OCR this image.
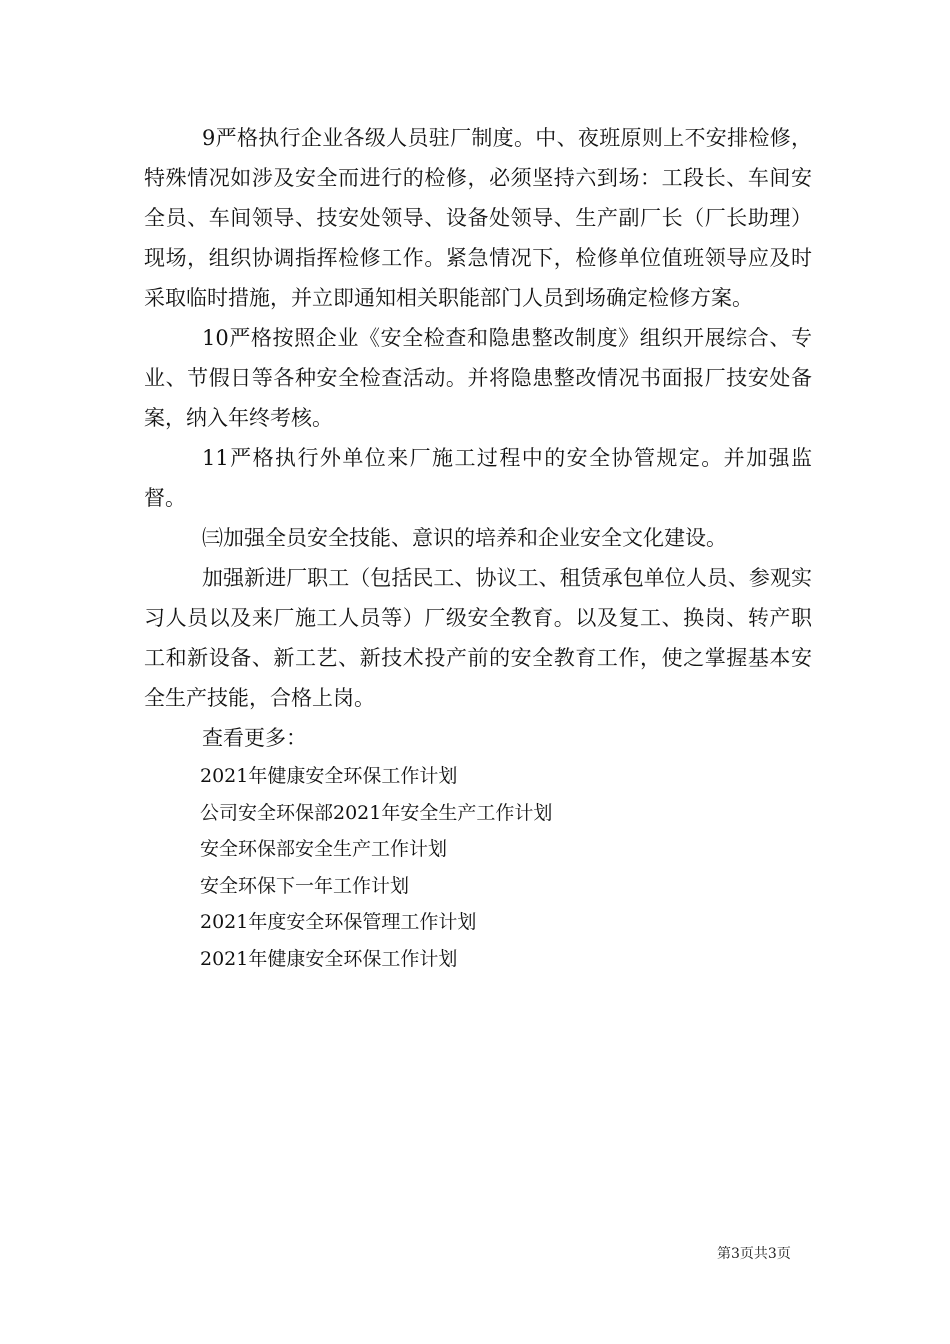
9严格执行企业各级人员驻厂制度。中、夜班原则上不安排检修，特殊情况如涉及安全而进行的检修，必须坚持六到场：工段长、车间安全员、车间领导、技安处领导、设备处领导、生产副厂长（厂长助理）现场，组织协调指挥检修工作。紧急情况下，检修单位值班领导应及时采取临时措施，并立即通知相关职能部门人员到场确定检修方案。

10严格按照企业《安全检查和隐患整改制度》组织开展综合、专业、节假日等各种安全检查活动。并将隐患整改情况书面报厂技安处备案，纳入年终考核。

11严格执行外单位来厂施工过程中的安全协管规定。并加强监督。

㈢加强全员安全技能、意识的培养和企业安全文化建设。

加强新进厂职工（包括民工、协议工、租赁承包单位人员、参观实习人员以及来厂施工人员等）厂级安全教育。以及复工、换岗、转产职工和新设备、新工艺、新技术投产前的安全教育工作，使之掌握基本安全生产技能，合格上岗。

查看更多：

2021年健康安全环保工作计划
公司安全环保部2021年安全生产工作计划
安全环保部安全生产工作计划
安全环保下一年工作计划
2021年度安全环保管理工作计划
2021年健康安全环保工作计划
第3页共3页
